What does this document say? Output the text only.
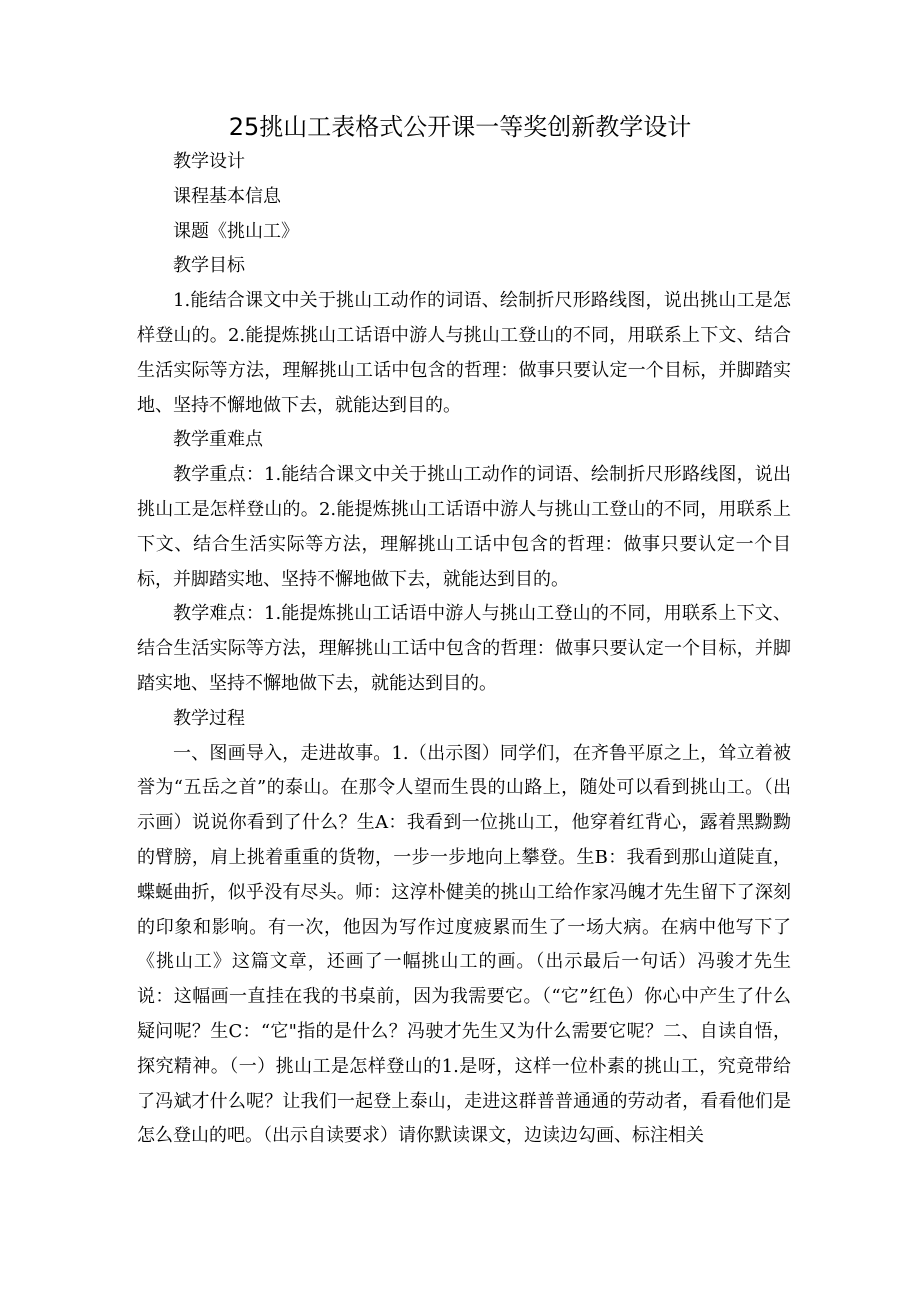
25挑山工表格式公开课一等奖创新教学设计

教学设计

课程基本信息

课题《挑山工》

教学目标

1.能结合课文中关于挑山工动作的词语、绘制折尺形路线图，说出挑山工是怎样登山的。2.能提炼挑山工话语中游人与挑山工登山的不同，用联系上下文、结合生活实际等方法，理解挑山工话中包含的哲理：做事只要认定一个目标，并脚踏实地、坚持不懈地做下去，就能达到目的。

教学重难点

教学重点：1.能结合课文中关于挑山工动作的词语、绘制折尺形路线图，说出挑山工是怎样登山的。2.能提炼挑山工话语中游人与挑山工登山的不同，用联系上下文、结合生活实际等方法，理解挑山工话中包含的哲理：做事只要认定一个目标，并脚踏实地、坚持不懈地做下去，就能达到目的。

教学难点：1.能提炼挑山工话语中游人与挑山工登山的不同，用联系上下文、结合生活实际等方法，理解挑山工话中包含的哲理：做事只要认定一个目标，并脚踏实地、坚持不懈地做下去，就能达到目的。

教学过程

一、图画导入，走进故事。1.（出示图）同学们，在齐鲁平原之上，耸立着被誉为“五岳之首”的泰山。在那令人望而生畏的山路上，随处可以看到挑山工。（出示画）说说你看到了什么？生A：我看到一位挑山工，他穿着红背心，露着黑黝黝的臂膀，肩上挑着重重的货物，一步一步地向上攀登。生B：我看到那山道陡直，蝶蜒曲折，似乎没有尽头。师：这淳朴健美的挑山工给作家冯魄才先生留下了深刻的印象和影响。有一次，他因为写作过度疲累而生了一场大病。在病中他写下了《挑山工》这篇文章，还画了一幅挑山工的画。（出示最后一句话）冯骏才先生说：这幅画一直挂在我的书桌前，因为我需要它。（“它”红色）你心中产生了什么疑问呢？生C：“它"指的是什么？冯驶才先生又为什么需要它呢？二、自读自悟，探究精神。（一）挑山工是怎样登山的1.是呀，这样一位朴素的挑山工，究竟带给了冯斌才什么呢？让我们一起登上泰山，走进这群普普通通的劳动者，看看他们是怎么登山的吧。（出示自读要求）请你默读课文，边读边勾画、标注相关
